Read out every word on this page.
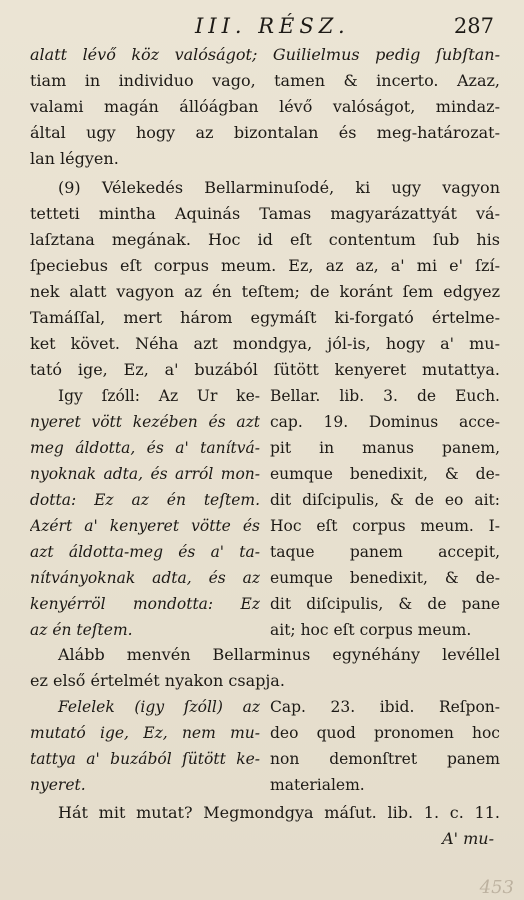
III. RÉSZ.	287
alatt lévő köz valóságot; Guilielmus pedig ſubſtan-
tiam in individuo vago, tamen & incerto. Azaz,
valami magán állóágban lévő valóságot, mindaz-
által ugy hogy az bizontalan és meg-határozat-
lan légyen.
(9) Vélekedés Bellarminuſodé, ki ugy vagyon
tetteti mintha Aquinás Tamas magyarázattyát vá-
laſztana megának. Hoc id eſt contentum ſub his
ſpeciebus eſt corpus meum. Ez, az az, a' mi e' ſzí-
nek alatt vagyon az én teſtem; de koránt ſem edgyez
Tamáſſal, mert három egymáſt ki-forgató értelme-
ket követ. Néha azt mondgya, jól-is, hogy a' mu-
tató ige, Ez, a' buzából ſütött kenyeret mutattya.
Igy ſzóll: Az Ur ke-
nyeret vött kezében és azt
meg áldotta, és a' tanítvá-
nyoknak adta, és arról mon-
dotta: Ez az én teſtem.
Azért a' kenyeret vötte és
azt áldotta-meg és a' ta-
nítványoknak adta, és az
kenyérröl mondotta: Ez
az én teſtem.
Bellar. lib. 3. de Euch.
cap. 19. Dominus acce-
pit in manus panem,
eumque benedixit, & de-
dit diſcipulis, & de eo ait:
Hoc eſt corpus meum. I-
taque panem accepit,
eumque benedixit, & de-
dit diſcipulis, & de pane
ait; hoc eſt corpus meum.
Alább menvén Bellarminus egynéhány levéllel
ez első értelmét nyakon csapja.
Felelek (igy ſzóll) az
mutató ige, Ez, nem mu-
tattya a' buzából ſütött ke-
nyeret.
Cap. 23. ibid. Reſpon-
deo quod pronomen hoc
non demonſtret panem
materialem.
Hát mit mutat? Megmondgya máſut. lib. 1. c. 11.
A' mu-
453
